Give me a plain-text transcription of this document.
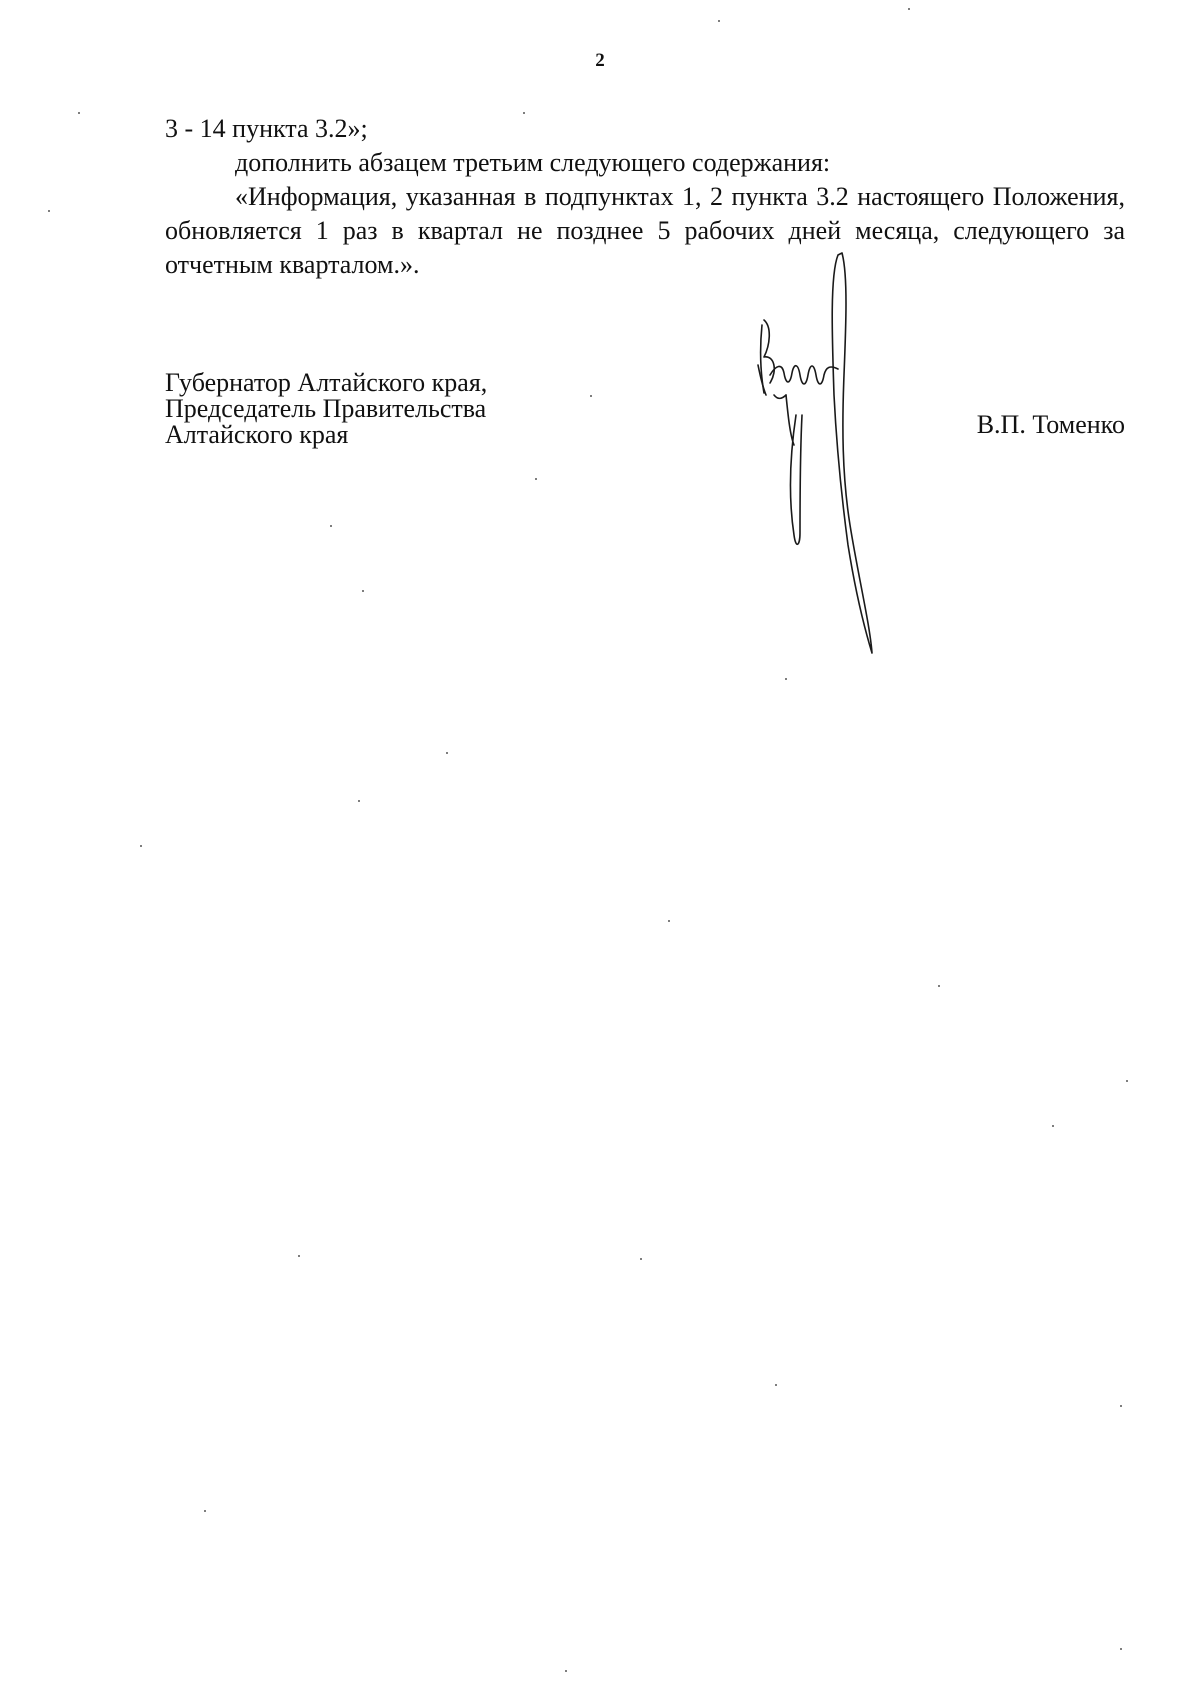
2

3 - 14 пункта 3.2»;

дополнить абзацем третьим следующего содержания:

«Информация, указанная в подпунктах 1, 2 пункта 3.2 настоящего Положения, обновляется 1 раз в квартал не позднее 5 рабочих дней месяца, следующего за отчетным кварталом.».

Губернатор Алтайского края,
Председатель Правительства
Алтайского края	В.П. Томенко
